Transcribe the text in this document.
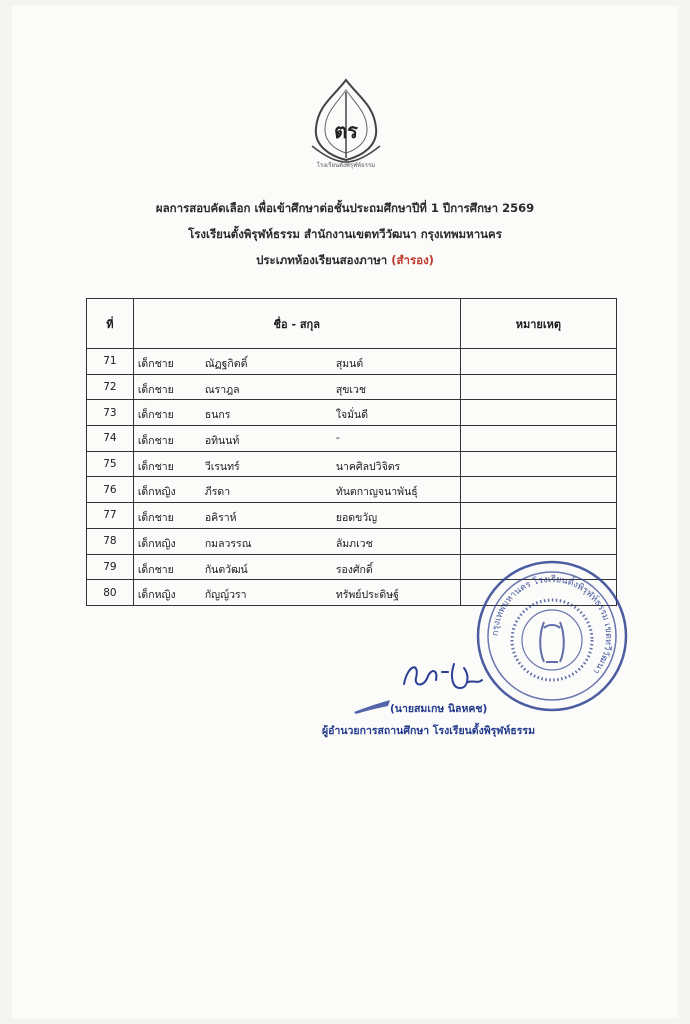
ตร
โรงเรียนตั้งพิรุฬห์ธรรม
ผลการสอบคัดเลือก เพื่อเข้าศึกษาต่อชั้นประถมศึกษาปีที่ 1 ปีการศึกษา 2569
โรงเรียนตั้งพิรุฬห์ธรรม สำนักงานเขตทวีวัฒนา กรุงเทพมหานคร
ประเภทห้องเรียนสองภาษา (สำรอง)
ที่	ชื่อ - สกุล	หมายเหตุ
71	เด็กชาย ณัฏฐกิตติ์ สุมนต์	

72	เด็กชาย ณราฎล สุขเวช	

73	เด็กชาย ธนกร ใจมั่นดี	

74	เด็กชาย อทินนท์ -	

75	เด็กชาย วีเรนทร์ นาคศิลปวิจิตร	

76	เด็กหญิง ภีรดา ทันตกาญจนาพันธุ์	

77	เด็กชาย อคิราห์ ยอดขวัญ	

78	เด็กหญิง กมลวรรณ ลัมภเวช	

79	เด็กชาย กันตวัฒน์ รองศักดิ์	

80	เด็กหญิง กัญญ์วรา ทรัพย์ประดิษฐ์	

กรุงเทพมหานคร โรงเรียนตั้งพิรุฬห์ธรรม เขตทวีวัฒนา
(นายสมเกษ นิลหคช)
ผู้อำนวยการสถานศึกษา โรงเรียนตั้งพิรุฬห์ธรรม
